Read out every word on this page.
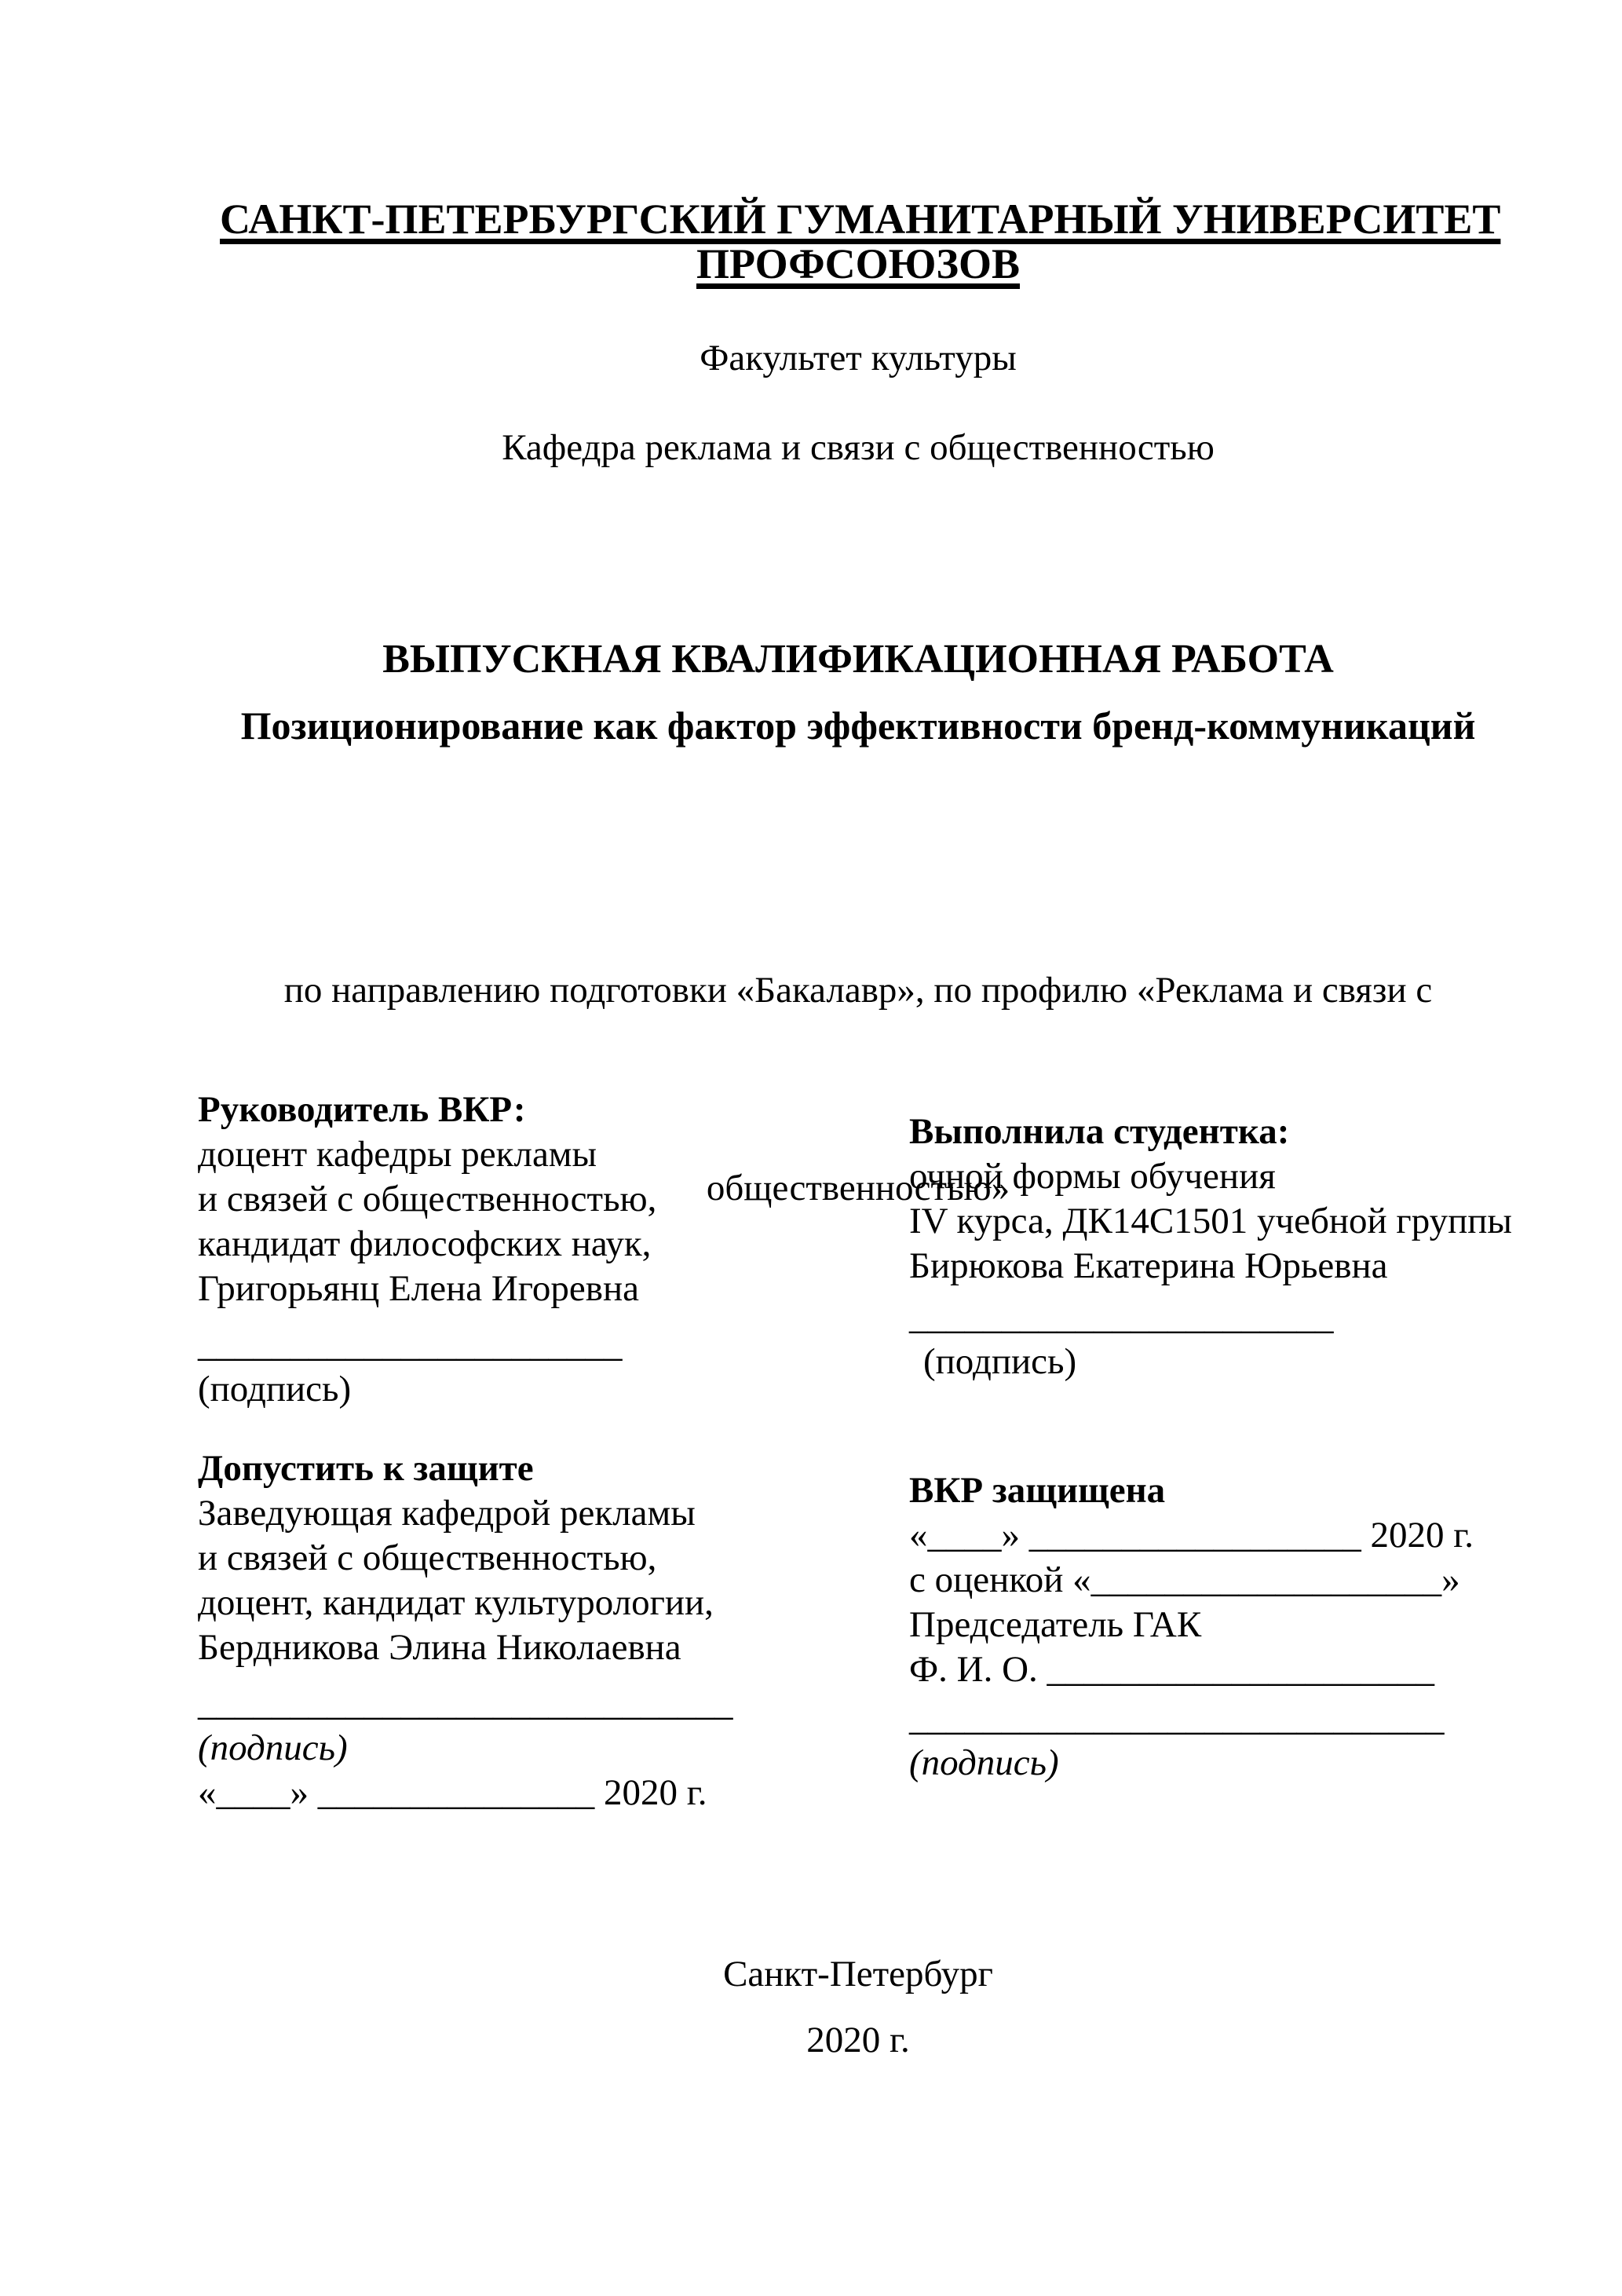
САНКТ-ПЕТЕРБУРГСКИЙ ГУМАНИТАРНЫЙ УНИВЕРСИТЕТ
ПРОФСОЮЗОВ
Факультет культуры
Кафедра реклама и связи с общественностью
ВЫПУСКНАЯ КВАЛИФИКАЦИОННАЯ РАБОТА
Позиционирование как фактор эффективности бренд-коммуникаций

по направлению подготовки «Бакалавр», по профилю «Реклама и связи с

общественностью»

Руководитель ВКР:
доцент кафедры рекламы
и связей с общественностью,
кандидат философских наук,
Григорьянц Елена Игоревна
_______________________
(подпись)
Выполнила студентка:
очной формы обучения
IV курса, ДК14С1501 учебной группы
Бирюкова Екатерина Юрьевна
_______________________
(подпись)
Допустить к защите
Заведующая кафедрой рекламы
и связей с общественностью,
доцент, кандидат культурологии,
Бердникова Элина Николаевна
_____________________________
(подпись)
«____» _______________ 2020 г.
ВКР защищена
«____» __________________ 2020 г.
с оценкой «___________________»
Председатель ГАК
Ф. И. О. _____________________
_____________________________
(подпись)
Санкт-Петербург
2020 г.
